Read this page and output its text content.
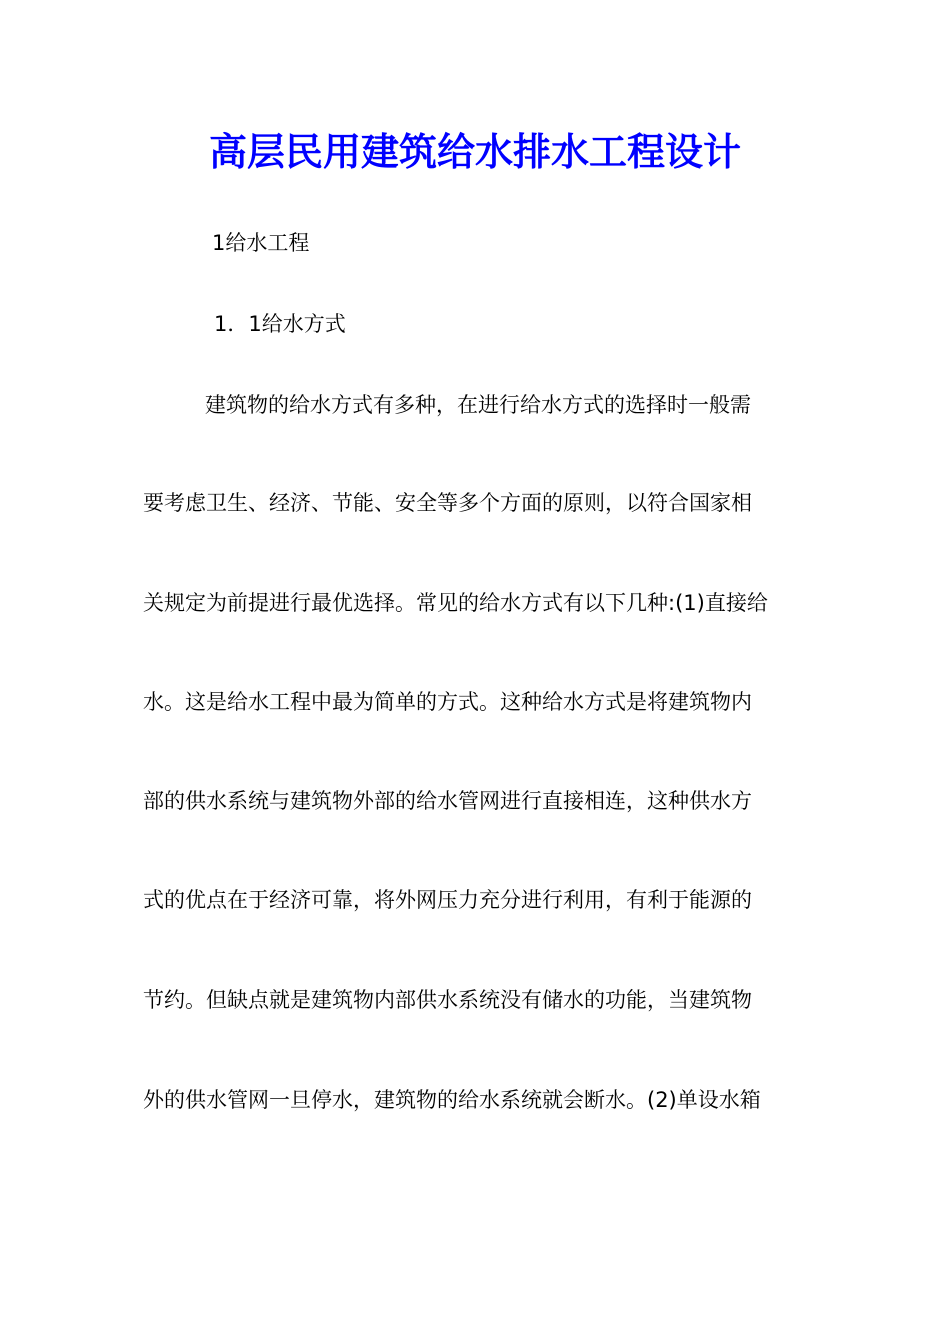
高层民用建筑给水排水工程设计
1给水工程
1．1给水方式
　建筑物的给水方式有多种，在进行给水方式的选择时一般需
要考虑卫生、经济、节能、安全等多个方面的原则，以符合国家相
关规定为前提进行最优选择。常见的给水方式有以下几种:(1)直接给
水。这是给水工程中最为简单的方式。这种给水方式是将建筑物内
部的供水系统与建筑物外部的给水管网进行直接相连，这种供水方
式的优点在于经济可靠，将外网压力充分进行利用，有利于能源的
节约。但缺点就是建筑物内部供水系统没有储水的功能，当建筑物
外的供水管网一旦停水，建筑物的给水系统就会断水。(2)单设水箱
